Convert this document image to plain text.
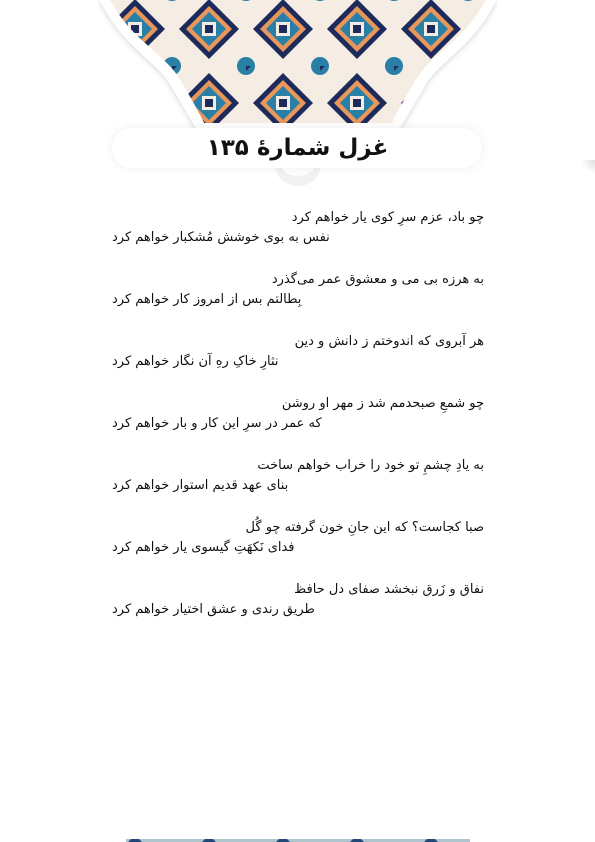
غزل شمارهٔ ۱۳۵
چو باد، عزم سرِ کوی یار خواهم کرد
نفس به بوی خوشش مُشکبار خواهم کرد
به هرزه بی می و معشوق عمر می‌گذرد
بِطالتم بس از امروز کار خواهم کرد
هر آبروی که اندوختم ز دانش و دین
نثارِ خاکِ رهِ آن نگار خواهم کرد
چو شمعِ صبحدمم شد ز مهر او روشن
که عمر در سرِ این کار و بار خواهم کرد
به یادِ چشمِ تو خود را خراب خواهم ساخت
بنای عهد قدیم استوار خواهم کرد
صبا کجاست؟ که این جانِ خون گرفته چو گُل
فدای نَکهَتِ گیسوی یار خواهم کرد
نفاق و زَرق نبخشد صفای دل حافظ
طریق رندی و عشق اختیار خواهم کرد
